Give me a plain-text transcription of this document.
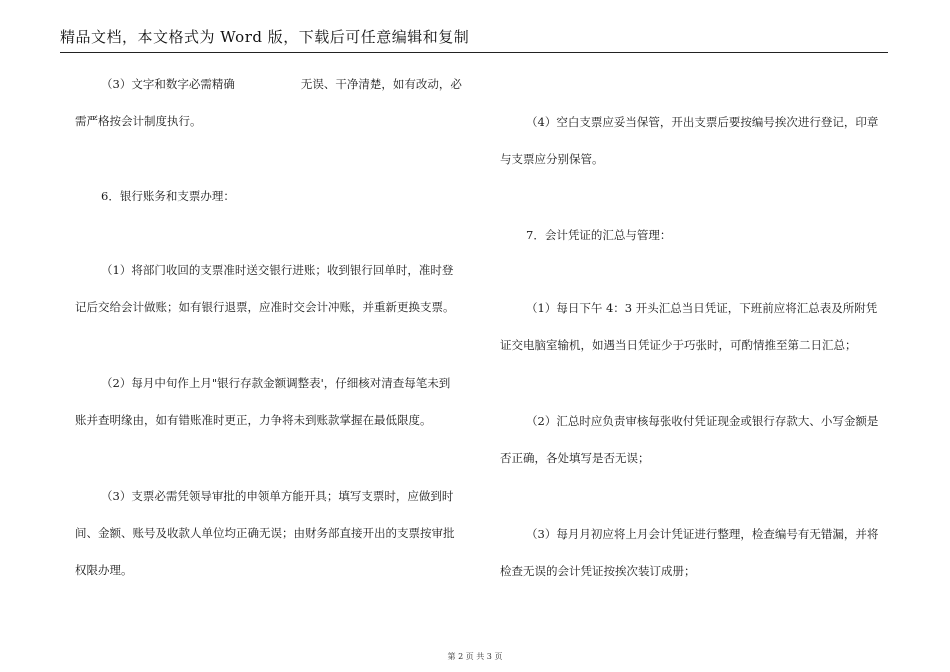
精品文档，本文格式为 Word 版，下载后可任意编辑和复制
（3）文字和数字必需精确	无误、干净清楚，如有改动，必
需严格按会计制度执行。
6．银行账务和支票办理：
（1）将部门收回的支票准时送交银行进账；收到银行回单时，准时登
记后交给会计做账；如有银行退票，应准时交会计冲账，并重新更换支票。
（2）每月中旬作上月"银行存款金额调整表'，仔细核对清查每笔未到
账并查明缘由，如有错账准时更正，力争将未到账款掌握在最低限度。
（3）支票必需凭领导审批的申领单方能开具；填写支票时，应做到时
间、金额、账号及收款人单位均正确无误；由财务部直接开出的支票按审批
权限办理。
（4）空白支票应妥当保管，开出支票后要按编号挨次进行登记，印章
与支票应分别保管。
7．会计凭证的汇总与管理：
（1）每日下午 4：3 开头汇总当日凭证，下班前应将汇总表及所附凭
证交电脑室输机，如遇当日凭证少于巧张时，可酌情推至第二日汇总；
（2）汇总时应负责审核每张收付凭证现金或银行存款大、小写金额是
否正确，各处填写是否无误；
（3）每月月初应将上月会计凭证进行整理，检查编号有无错漏，并将
检查无误的会计凭证按挨次装订成册；
第 2 页 共 3 页
